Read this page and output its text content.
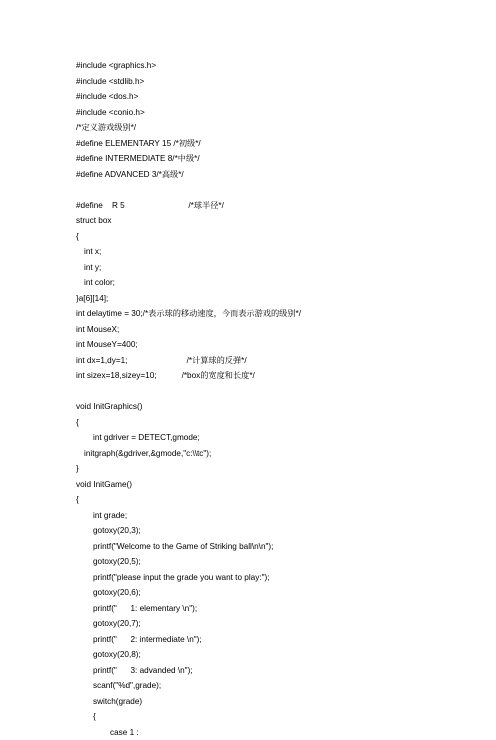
#include <graphics.h>
#include <stdlib.h>
#include <dos.h>
#include <conio.h>
/*定义游戏级别*/
#define ELEMENTARY 15 /*初级*/
#define INTERMEDIATE 8/*中级*/
#define ADVANCED 3/*高级*/
#define    R 5                            /*球半径*/
struct box
{
int x;
int y;
int color;
}a[6][14];
int delaytime = 30;/*表示球的移动速度，今而表示游戏的级别*/
int MouseX;
int MouseY=400;
int dx=1,dy=1;                          /*计算球的反弹*/
int sizex=18,sizey=10;           /*box的宽度和长度*/
void InitGraphics()
{
int gdriver = DETECT,gmode;
initgraph(&gdriver,&gmode,"c:\\tc");
}
void InitGame()
{
int grade;
gotoxy(20,3);
printf("Welcome to the Game of Striking ball\n\n");
gotoxy(20,5);
printf("please input the grade you want to play:");
gotoxy(20,6);
printf("      1: elementary \n");
gotoxy(20,7);
printf("      2: intermediate \n");
gotoxy(20,8);
printf("      3: advanded \n");
scanf("%d",grade);
switch(grade)
{
case 1 :
